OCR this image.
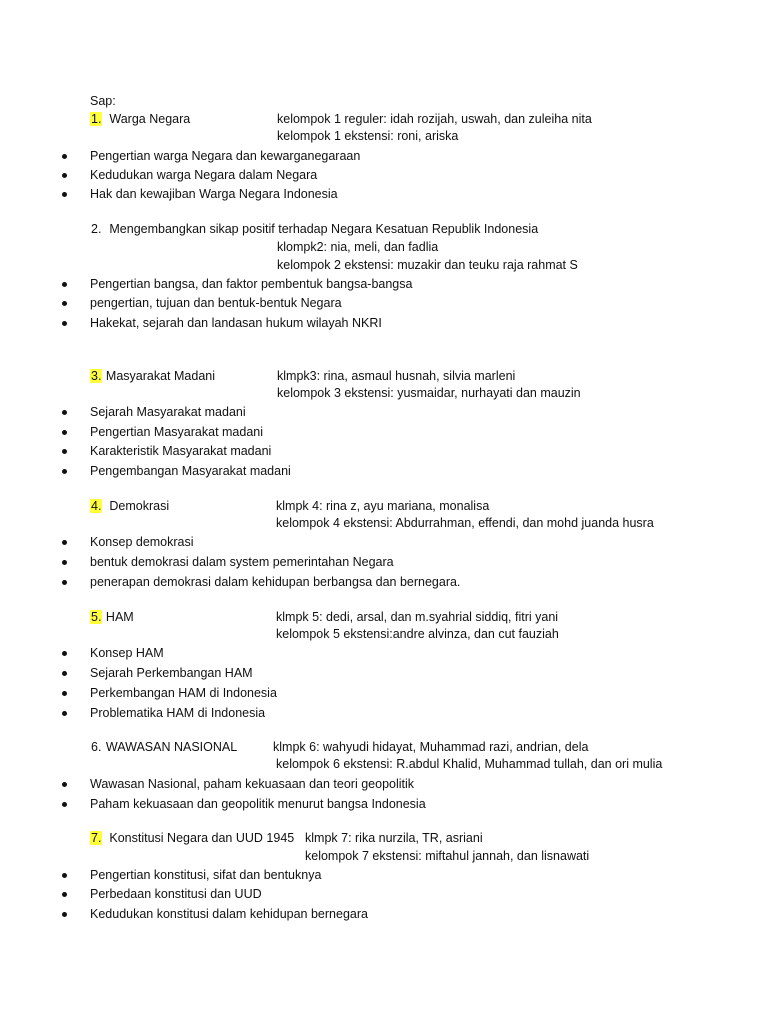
Sap:
1. Warga Negara	kelompok 1 reguler: idah rozijah, uswah, dan zuleiha nita
kelompok 1 ekstensi: roni, ariska
Pengertian warga Negara dan kewarganegaraan
Kedudukan warga Negara dalam Negara
Hak dan kewajiban Warga Negara Indonesia
2. Mengembangkan sikap positif terhadap Negara Kesatuan Republik Indonesia
klompk2: nia, meli, dan fadlia
kelompok 2 ekstensi: muzakir dan teuku raja rahmat S
Pengertian bangsa, dan faktor pembentuk bangsa-bangsa
pengertian, tujuan dan bentuk-bentuk Negara
Hakekat, sejarah dan landasan hukum wilayah NKRI
3. Masyarakat Madani	klmpk3: rina, asmaul husnah, silvia marleni
kelompok 3 ekstensi: yusmaidar, nurhayati dan mauzin
Sejarah Masyarakat madani
Pengertian Masyarakat madani
Karakteristik Masyarakat madani
Pengembangan Masyarakat madani
4. Demokrasi	klmpk 4: rina z, ayu mariana, monalisa
kelompok 4 ekstensi: Abdurrahman, effendi, dan mohd juanda husra
Konsep demokrasi
bentuk demokrasi dalam system pemerintahan Negara
penerapan demokrasi dalam kehidupan berbangsa dan bernegara.
5. HAM	klmpk 5: dedi, arsal, dan m.syahrial siddiq, fitri yani
kelompok 5 ekstensi:andre alvinza, dan cut fauziah
Konsep HAM
Sejarah Perkembangan HAM
Perkembangan HAM di Indonesia
Problematika HAM di Indonesia
6. WAWASAN NASIONAL	klmpk 6: wahyudi hidayat, Muhammad razi, andrian, dela
kelompok 6 ekstensi: R.abdul Khalid, Muhammad tullah, dan ori mulia
Wawasan Nasional, paham kekuasaan dan teori geopolitik
Paham kekuasaan dan geopolitik menurut bangsa Indonesia
7. Konstitusi Negara dan UUD 1945 klmpk 7: rika nurzila, TR, asriani
kelompok 7 ekstensi: miftahul jannah, dan lisnawati
Pengertian konstitusi, sifat dan bentuknya
Perbedaan konstitusi dan UUD
Kedudukan konstitusi dalam kehidupan bernegara
